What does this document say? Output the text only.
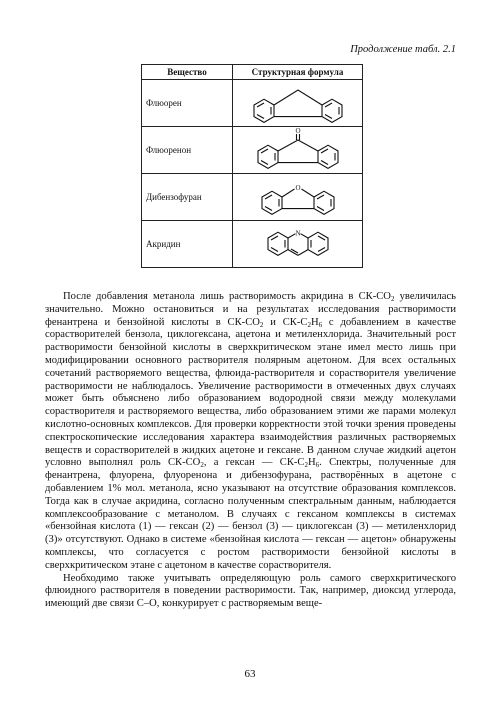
Продолжение табл. 2.1
Вещество	Структурная формула
Флюорен	

Флюоренон	O

Дибензофуран	O

Акридин	N

После добавления метанола лишь растворимость акридина в $СК-CO_2$ увеличилась значительно. Можно остановиться и на результатах исследования растворимости фенантрена и бензойной кислоты в $СК-CO_2$ и $СК-C_2H_6$ с добавлением в качестве сорастворителей бензола, циклогексана, ацетона и метиленхлорида. Значительный рост растворимости бензойной кислоты в сверхкритическом этане имел место лишь при модифицировании основного растворителя полярным ацетоном. Для всех остальных сочетаний растворяемого вещества, флюида-растворителя и сорастворителя увеличение растворимости не наблюдалось. Увеличение растворимости в отмеченных двух случаях может быть объяснено либо образованием водородной связи между молекулами сорастворителя и растворяемого вещества, либо образованием этими же парами молекул кислотно-основных комплексов. Для проверки корректности этой точки зрения проведены спектроскопические исследования характера взаимодействия различных растворяемых веществ и сорастворителей в жидких ацетоне и гексане. В данном случае жидкий ацетон условно выполнял роль $СК-CO_2$, а гексан — $СК-C_2H_6$. Спектры, полученные для фенантрена, флуорена, флуоренона и дибензофурана, растворённых в ацетоне с добавлением 1% мол. метанола, ясно указывают на отсутствие образования комплексов. Тогда как в случае акридина, согласно полученным спектральным данным, наблюдается комплексообразование с метанолом. В случаях с гексаном комплексы в системах «бензойная кислота (1) — гексан (2) — бензол (3) — циклогексан (3) — метиленхлорид (3)» отсутствуют. Однако в системе «бензойная кислота — гексан — ацетон» обнаружены комплексы, что согласуется с ростом растворимости бензойной кислоты в сверхкритическом этане с ацетоном в качестве сорастворителя.

Необходимо также учитывать определяющую роль самого сверхкритического флюидного растворителя в поведении растворимости. Так, например, диоксид углерода, имеющий две связи C–O, конкурирует с растворяемым веще-

63
